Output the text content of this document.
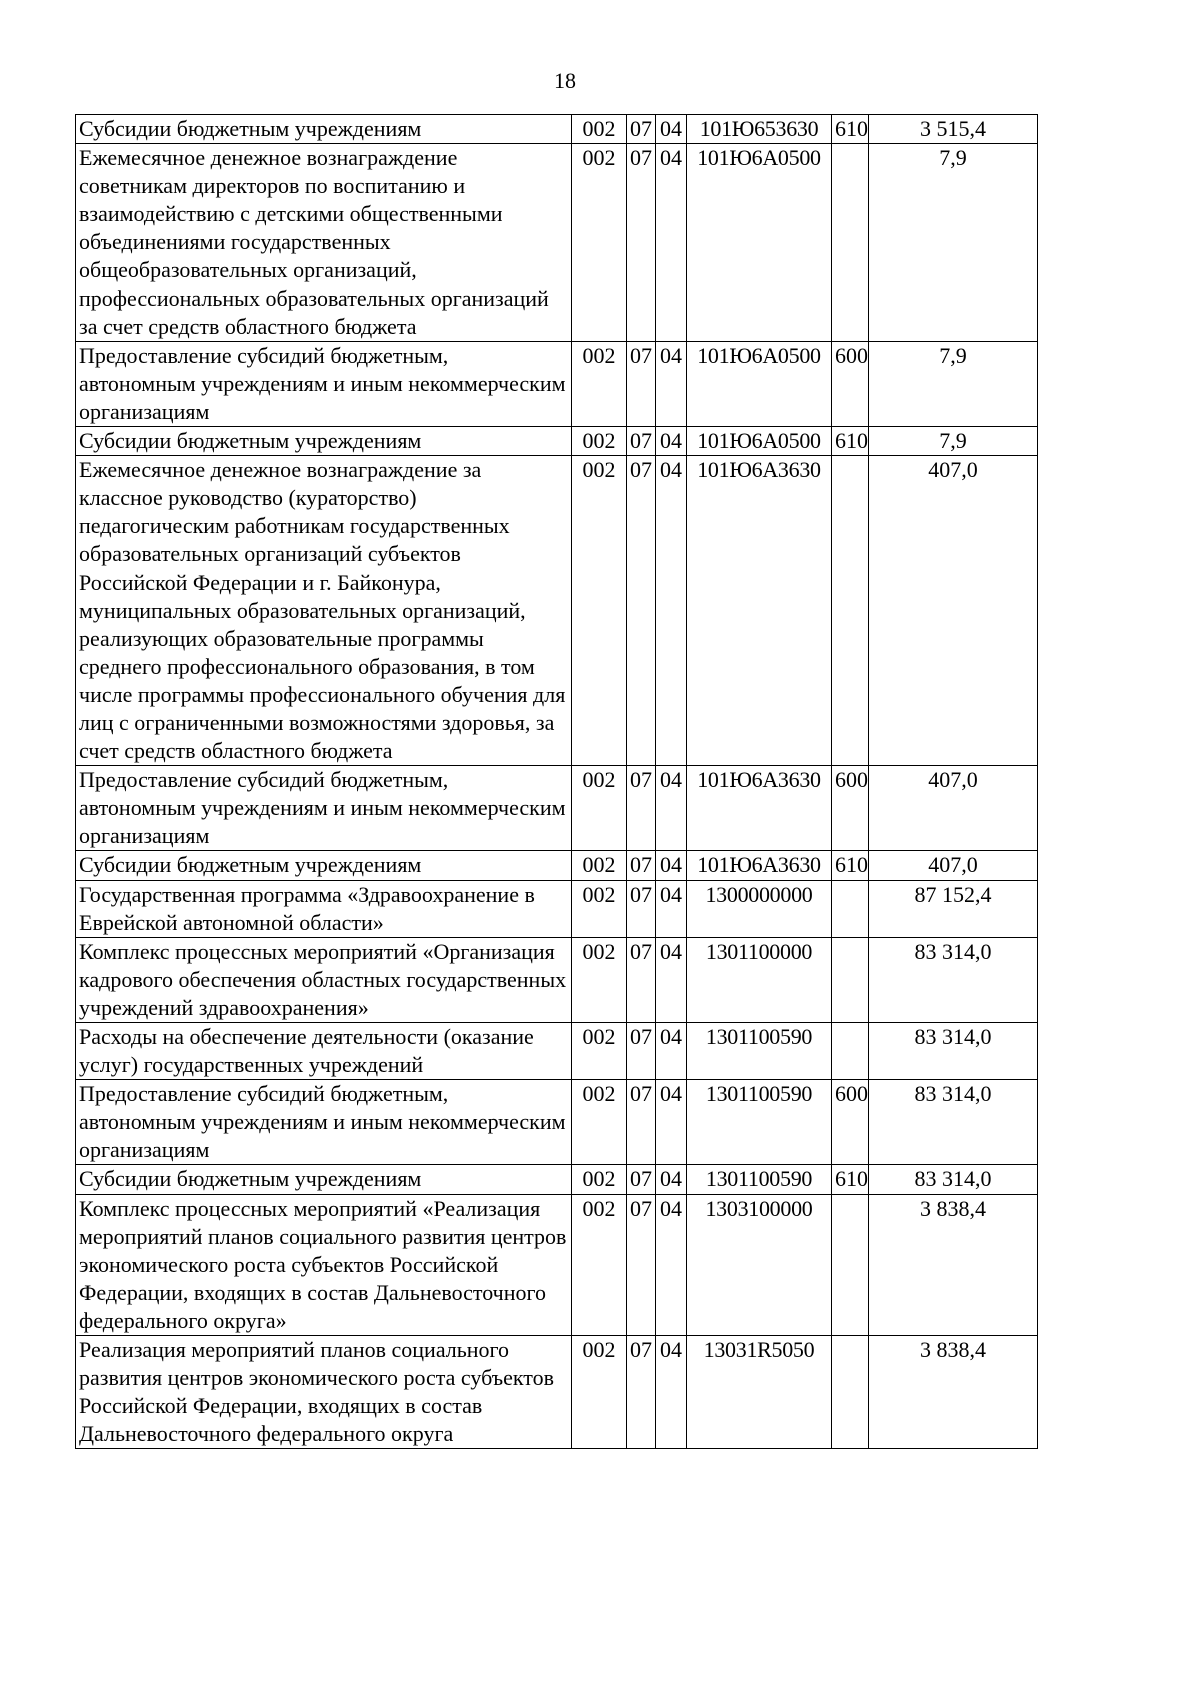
18
Субсидии бюджетным учреждениям	002	07	04	101Ю653630	610	3 515,4
Ежемесячное денежное вознаграждение советникам директоров по воспитанию и взаимодействию с детскими общественными объединениями государственных общеобразовательных организаций, профессиональных образовательных организаций за счет средств областного бюджета	002	07	04	101Ю6А0500		7,9
Предоставление субсидий бюджетным, автономным учреждениям и иным некоммерческим организациям	002	07	04	101Ю6А0500	600	7,9
Субсидии бюджетным учреждениям	002	07	04	101Ю6А0500	610	7,9
Ежемесячное денежное вознаграждение за классное руководство (кураторство) педагогическим работникам государственных образовательных организаций субъектов Российской Федерации и г. Байконура, муниципальных образовательных организаций, реализующих образовательные программы среднего профессионального образования, в том числе программы профессионального обучения для лиц с ограниченными возможностями здоровья, за счет средств областного бюджета	002	07	04	101Ю6А3630		407,0
Предоставление субсидий бюджетным, автономным учреждениям и иным некоммерческим организациям	002	07	04	101Ю6А3630	600	407,0
Субсидии бюджетным учреждениям	002	07	04	101Ю6А3630	610	407,0
Государственная программа «Здравоохранение в Еврейской автономной области»	002	07	04	1300000000		87 152,4
Комплекс процессных мероприятий «Организация кадрового обеспечения областных государственных учреждений здравоохранения»	002	07	04	1301100000		83 314,0
Расходы на обеспечение деятельности (оказание услуг) государственных учреждений	002	07	04	1301100590		83 314,0
Предоставление субсидий бюджетным, автономным учреждениям и иным некоммерческим организациям	002	07	04	1301100590	600	83 314,0
Субсидии бюджетным учреждениям	002	07	04	1301100590	610	83 314,0
Комплекс процессных мероприятий «Реализация мероприятий планов социального развития центров экономического роста субъектов Российской Федерации, входящих в состав Дальневосточного федерального округа»	002	07	04	1303100000		3 838,4
Реализация мероприятий планов социального развития центров экономического роста субъектов Российской Федерации, входящих в состав Дальневосточного федерального округа	002	07	04	13031R5050		3 838,4
